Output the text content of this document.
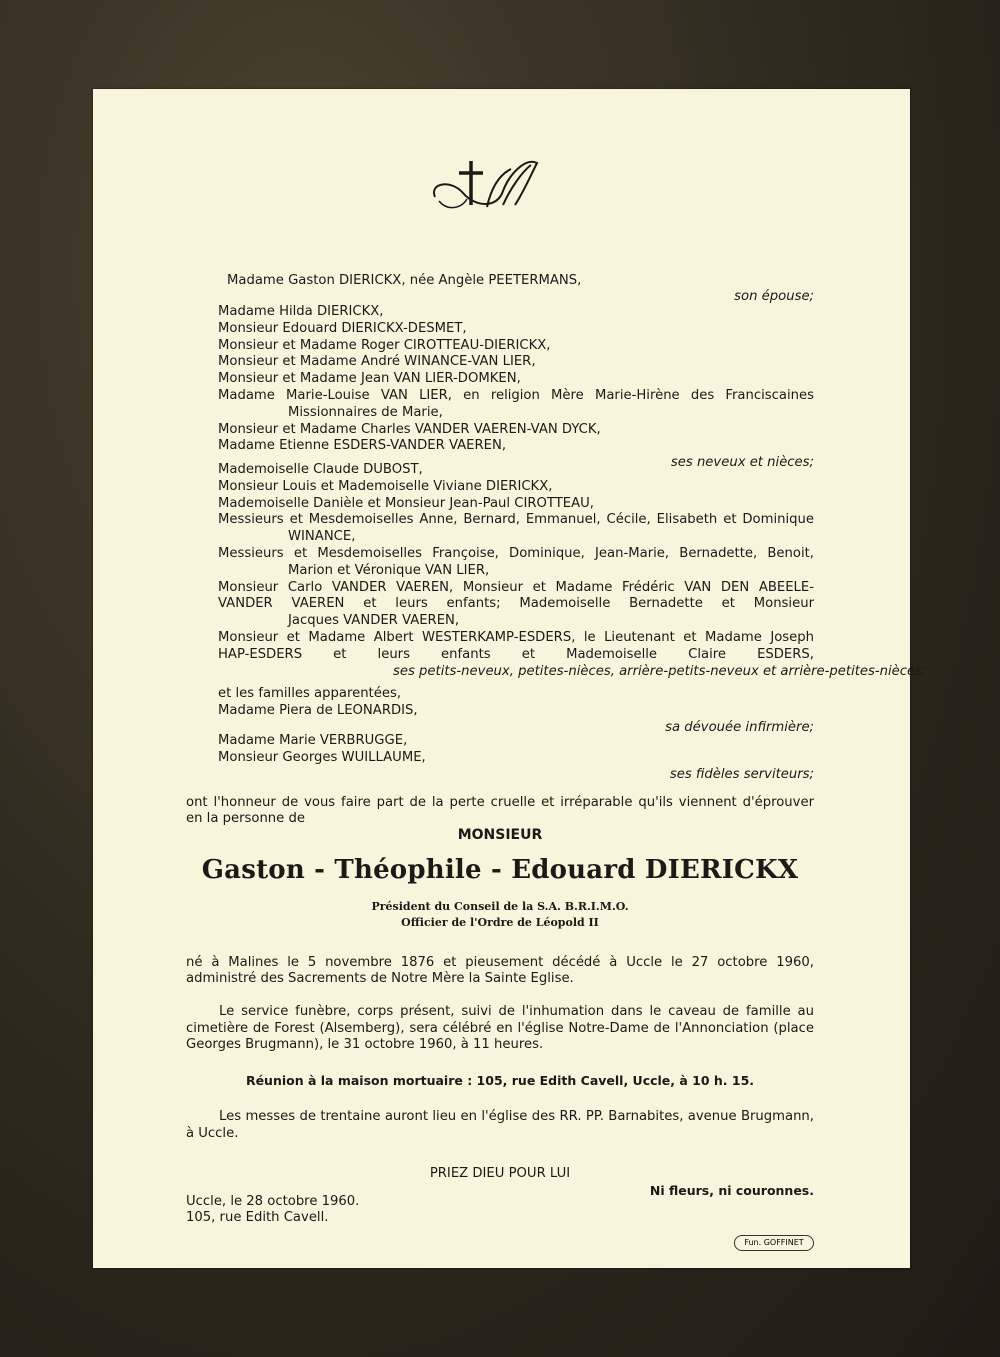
Madame Gaston DIERICKX, née Angèle PEETERMANS,
son épouse;
Madame Hilda DIERICKX,
Monsieur Edouard DIERICKX-DESMET,
Monsieur et Madame Roger CIROTTEAU-DIERICKX,
Monsieur et Madame André WINANCE-VAN LIER,
Monsieur et Madame Jean VAN LIER-DOMKEN,
Madame Marie-Louise VAN LIER, en religion Mère Marie-Hirène des Franciscaines
Missionnaires de Marie,
Monsieur et Madame Charles VANDER VAEREN-VAN DYCK,
Madame Etienne ESDERS-VANDER VAEREN,
ses neveux et nièces;
Mademoiselle Claude DUBOST,
Monsieur Louis et Mademoiselle Viviane DIERICKX,
Mademoiselle Danièle et Monsieur Jean-Paul CIROTTEAU,
Messieurs et Mesdemoiselles Anne, Bernard, Emmanuel, Cécile, Elisabeth et Dominique
WINANCE,
Messieurs et Mesdemoiselles Françoise, Dominique, Jean-Marie, Bernadette, Benoit,
Marion et Véronique VAN LIER,
Monsieur Carlo VANDER VAEREN, Monsieur et Madame Frédéric VAN DEN ABEELE-
VANDER VAEREN et leurs enfants; Mademoiselle Bernadette et Monsieur
Jacques VANDER VAEREN,
Monsieur et Madame Albert WESTERKAMP-ESDERS, le Lieutenant et Madame Joseph
HAP-ESDERS et leurs enfants et Mademoiselle Claire ESDERS,
ses petits-neveux, petites-nièces, arrière-petits-neveux et arrière-petites-nièces;
et les familles apparentées,
Madame Piera de LEONARDIS,
sa dévouée infirmière;
Madame Marie VERBRUGGE,
Monsieur Georges WUILLAUME,
ses fidèles serviteurs;
ont l'honneur de vous faire part de la perte cruelle et irréparable qu'ils viennent d'éprouver
en la personne de
MONSIEUR
Gaston - Théophile - Edouard DIERICKX
Président du Conseil de la S.A. B.R.I.M.O.
Officier de l'Ordre de Léopold II
né à Malines le 5 novembre 1876 et pieusement décédé à Uccle le 27 octobre 1960,
administré des Sacrements de Notre Mère la Sainte Eglise.
Le service funèbre, corps présent, suivi de l'inhumation dans le caveau de famille au
cimetière de Forest (Alsemberg), sera célébré en l'église Notre-Dame de l'Annonciation (place
Georges Brugmann), le 31 octobre 1960, à 11 heures.
Réunion à la maison mortuaire : 105, rue Edith Cavell, Uccle, à 10 h. 15.
Les messes de trentaine auront lieu en l'église des RR. PP. Barnabites, avenue Brugmann,
à Uccle.
PRIEZ DIEU POUR LUI
Ni fleurs, ni couronnes.
Uccle, le 28 octobre 1960.
105, rue Edith Cavell.
Fun. GOFFINET
